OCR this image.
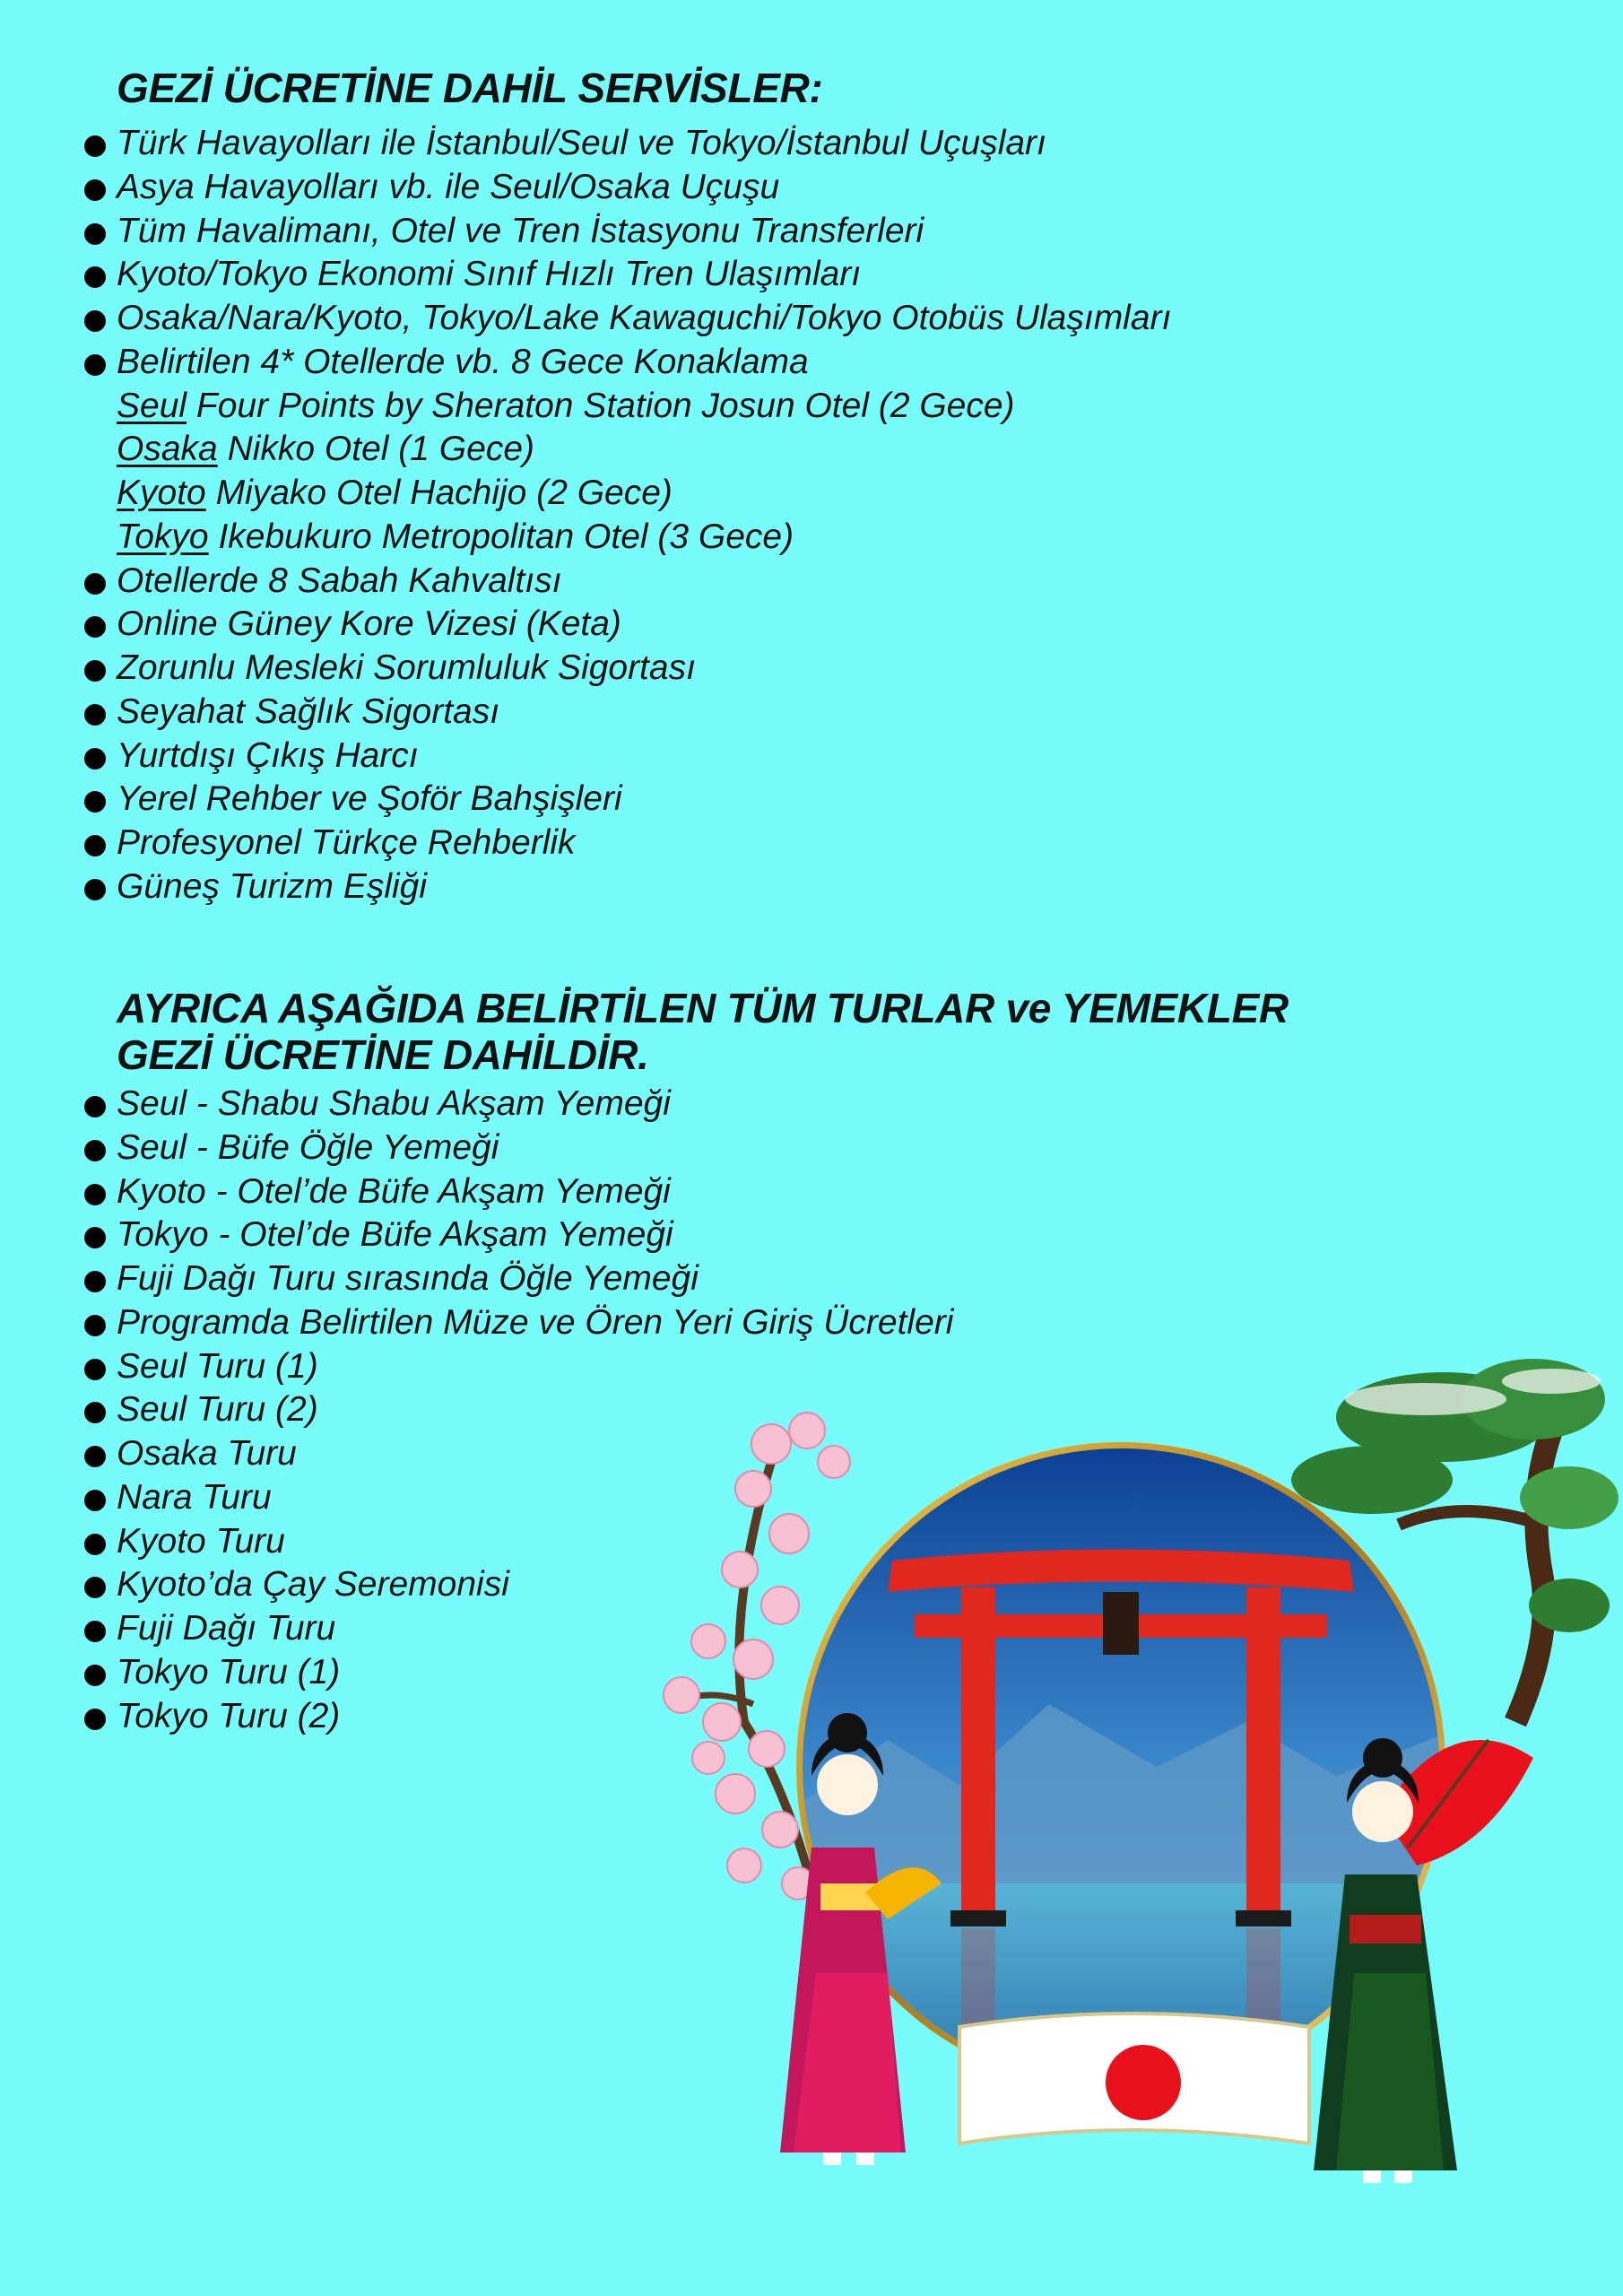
GEZİ ÜCRETİNE DAHİL SERVİSLER:
Türk Havayolları ile İstanbul/Seul ve Tokyo/İstanbul Uçuşları
Asya Havayolları vb. ile Seul/Osaka Uçuşu
Tüm Havalimanı, Otel ve Tren İstasyonu Transferleri
Kyoto/Tokyo Ekonomi Sınıf Hızlı Tren Ulaşımları
Osaka/Nara/Kyoto, Tokyo/Lake Kawaguchi/Tokyo Otobüs Ulaşımları
Belirtilen 4* Otellerde vb. 8 Gece Konaklama
Seul Four Points by Sheraton Station Josun Otel (2 Gece)
Osaka Nikko Otel (1 Gece)
Kyoto Miyako Otel Hachijo (2 Gece)
Tokyo Ikebukuro Metropolitan Otel (3 Gece)
Otellerde 8 Sabah Kahvaltısı
Online Güney Kore Vizesi (Keta)
Zorunlu Mesleki Sorumluluk Sigortası
Seyahat Sağlık Sigortası
Yurtdışı Çıkış Harcı
Yerel Rehber ve Şoför Bahşişleri
Profesyonel Türkçe Rehberlik
Güneş Turizm Eşliği
AYRICA AŞAĞIDA BELİRTİLEN TÜM TURLAR ve YEMEKLER
GEZİ ÜCRETİNE DAHİLDİR.
Seul - Shabu Shabu Akşam Yemeği
Seul - Büfe Öğle Yemeği
Kyoto - Otel’de Büfe Akşam Yemeği
Tokyo - Otel’de Büfe Akşam Yemeği
Fuji Dağı Turu sırasında Öğle Yemeği
Programda Belirtilen Müze ve Ören Yeri Giriş Ücretleri
Seul Turu (1)
Seul Turu (2)
Osaka Turu
Nara Turu
Kyoto Turu
Kyoto’da Çay Seremonisi
Fuji Dağı Turu
Tokyo Turu (1)
Tokyo Turu (2)
